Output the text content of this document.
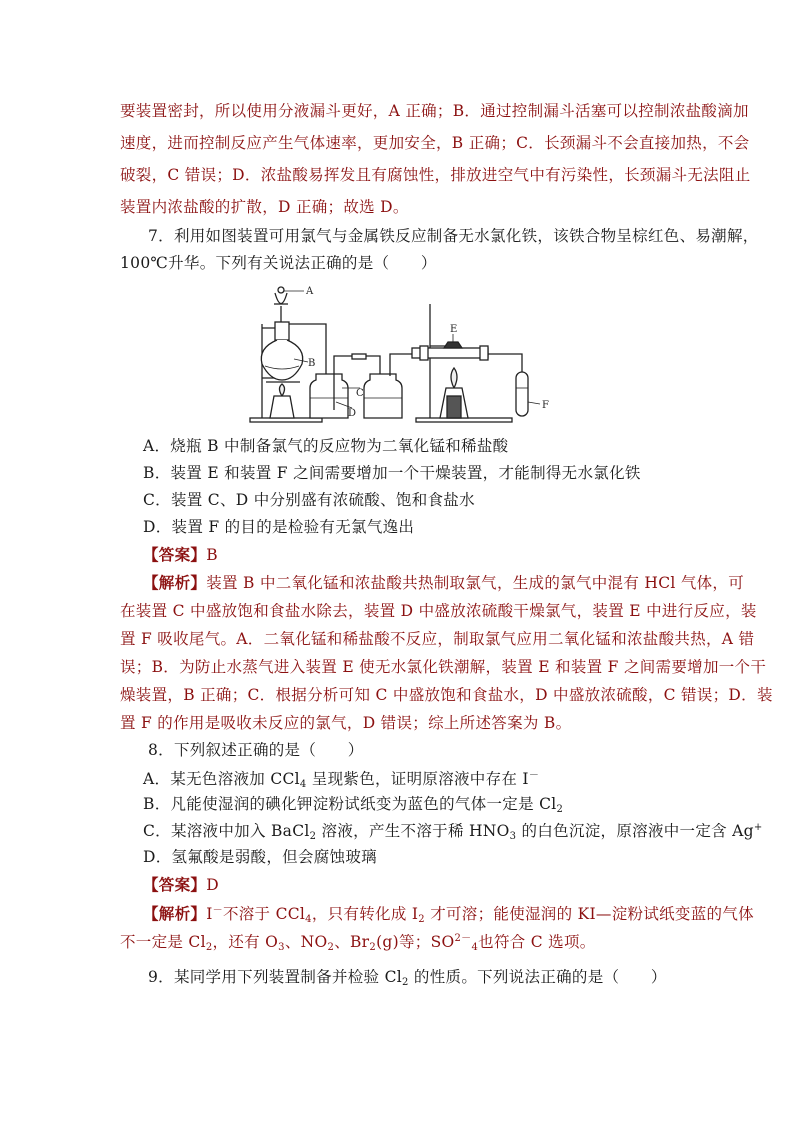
要装置密封，所以使用分液漏斗更好，A 正确；B．通过控制漏斗活塞可以控制浓盐酸滴加
速度，进而控制反应产生气体速率，更加安全，B 正确；C．长颈漏斗不会直接加热，不会
破裂，C 错误；D．浓盐酸易挥发且有腐蚀性，排放进空气中有污染性，长颈漏斗无法阻止
装置内浓盐酸的扩散，D 正确；故选 D。
7．利用如图装置可用氯气与金属铁反应制备无水氯化铁，该铁合物呈棕红色、易潮解，
100℃升华。下列有关说法正确的是（　　）
A
B
C
D
E
F
A．烧瓶 B 中制备氯气的反应物为二氧化锰和稀盐酸
B．装置 E 和装置 F 之间需要增加一个干燥装置，才能制得无水氯化铁
C．装置 C、D 中分别盛有浓硫酸、饱和食盐水
D．装置 F 的目的是检验有无氯气逸出
【答案】B
【解析】装置 B 中二氧化锰和浓盐酸共热制取氯气，生成的氯气中混有 HCl 气体，可
在装置 C 中盛放饱和食盐水除去，装置 D 中盛放浓硫酸干燥氯气，装置 E 中进行反应，装
置 F 吸收尾气。A．二氧化锰和稀盐酸不反应，制取氯气应用二氧化锰和浓盐酸共热，A 错
误；B．为防止水蒸气进入装置 E 使无水氯化铁潮解，装置 E 和装置 F 之间需要增加一个干
燥装置，B 正确；C．根据分析可知 C 中盛放饱和食盐水，D 中盛放浓硫酸，C 错误；D．装
置 F 的作用是吸收未反应的氯气，D 错误；综上所述答案为 B。
8．下列叙述正确的是（　　）
A．某无色溶液加 CCl$_4$ 呈现紫色，证明原溶液中存在 I－
B．凡能使湿润的碘化钾淀粉试纸变为蓝色的气体一定是 $Cl_2$
C．某溶液中加入 BaCl$_2$ 溶液，产生不溶于稀 $HNO_3$ 的白色沉淀，原溶液中一定含 Ag+
D．氢氟酸是弱酸，但会腐蚀玻璃
【答案】D
【解析】I－不溶于 CCl$_4$，只有转化成 $I_2$ 才可溶；能使湿润的 KI—淀粉试纸变蓝的气体
不一定是 $Cl_2$，还有 $O_3$、$NO_2$、$Br_2(g)$等；$SO^{2-}_4$也符合 C 选项。
9．某同学用下列装置制备并检验 $Cl_2$ 的性质。下列说法正确的是（　　）
